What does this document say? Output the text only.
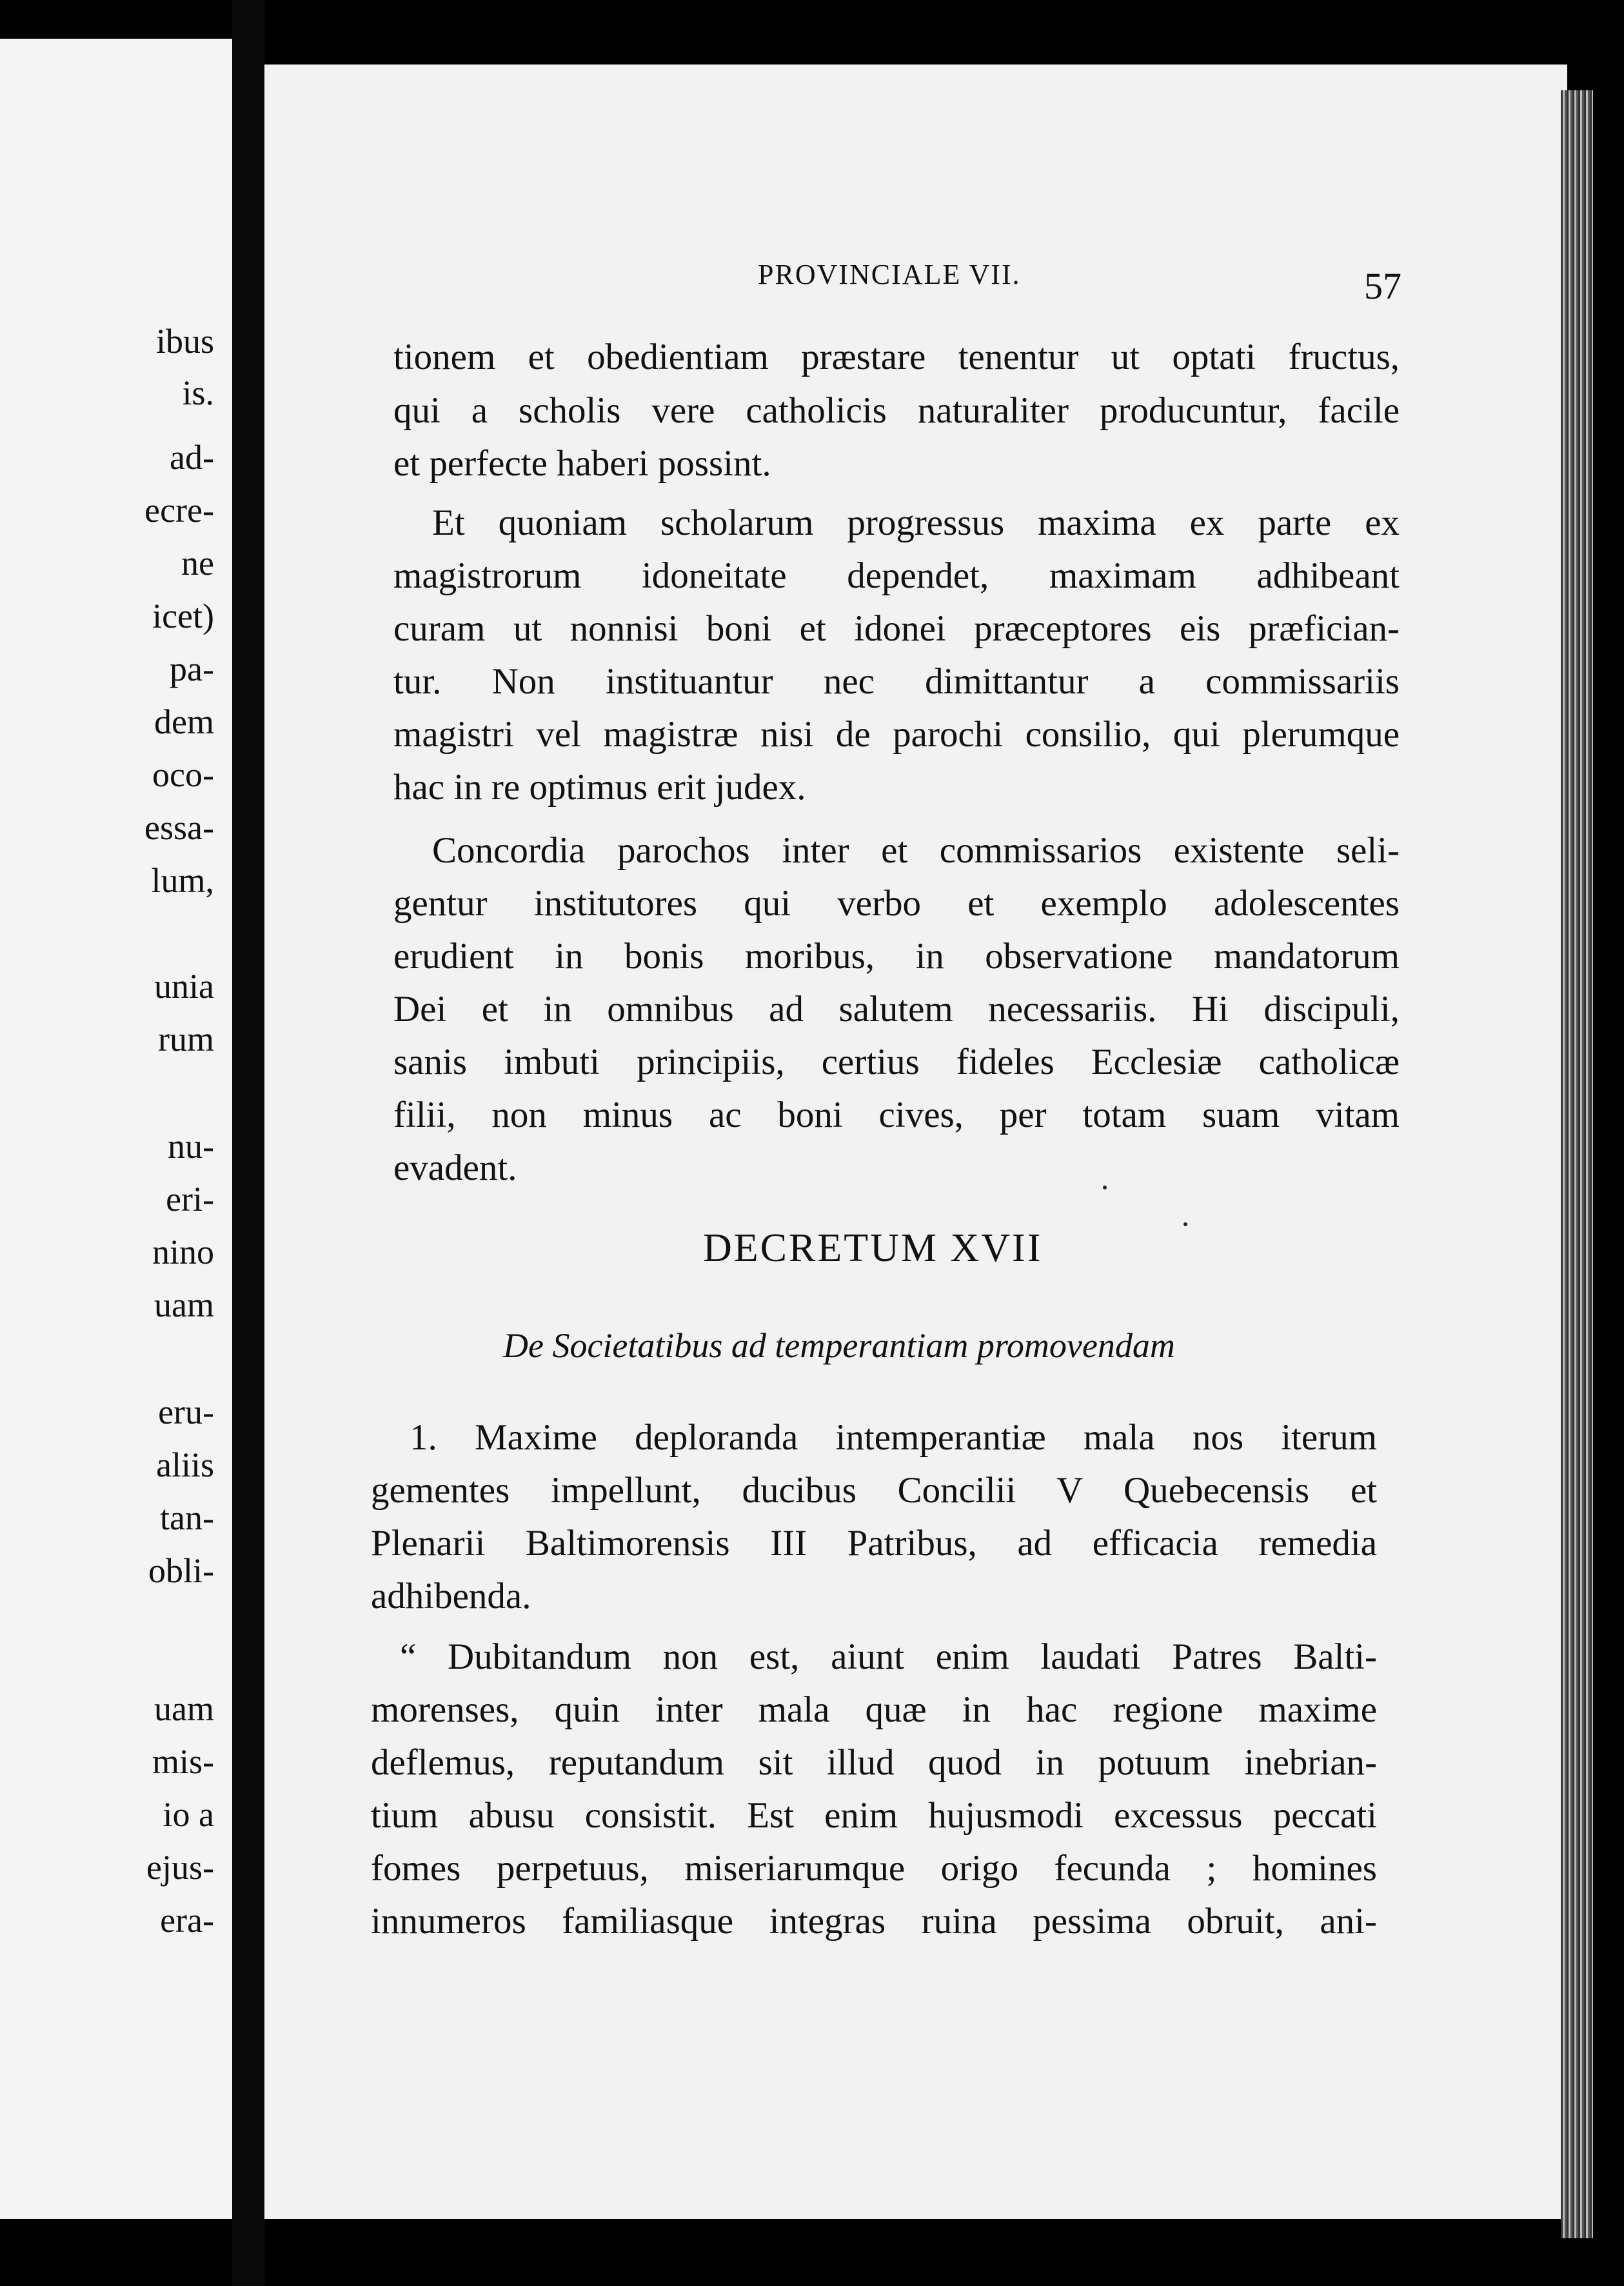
ibus
is.
ad-
ecre-
ne
icet)
pa-
dem
oco-
essa-
lum,
unia
rum
nu-
eri-
nino
uam
eru-
aliis
tan-
obli-
uam
mis-
io a
ejus-
era-
PROVINCIALE VII.	57
tionem et obedientiam præstare tenentur ut optati fructus,
qui a scholis vere catholicis naturaliter producuntur, facile
et perfecte haberi possint.
Et quoniam scholarum progressus maxima ex parte ex
magistrorum idoneitate dependet, maximam adhibeant
curam ut nonnisi boni et idonei præceptores eis præfician-
tur. Non instituantur nec dimittantur a commissariis
magistri vel magistræ nisi de parochi consilio, qui plerumque
hac in re optimus erit judex.
Concordia parochos inter et commissarios existente seli-
gentur institutores qui verbo et exemplo adolescentes
erudient in bonis moribus, in observatione mandatorum
Dei et in omnibus ad salutem necessariis. Hi discipuli,
sanis imbuti principiis, certius fideles Ecclesiæ catholicæ
filii, non minus ac boni cives, per totam suam vitam
evadent.
DECRETUM XVII
De Societatibus ad temperantiam promovendam
1. Maxime deploranda intemperantiæ mala nos iterum
gementes impellunt, ducibus Concilii V Quebecensis et
Plenarii Baltimorensis III Patribus, ad efficacia remedia
adhibenda.
“ Dubitandum non est, aiunt enim laudati Patres Balti-
morenses, quin inter mala quæ in hac regione maxime
deflemus, reputandum sit illud quod in potuum inebrian-
tium abusu consistit. Est enim hujusmodi excessus peccati
fomes perpetuus, miseriarumque origo fecunda ; homines
innumeros familiasque integras ruina pessima obruit, ani-
